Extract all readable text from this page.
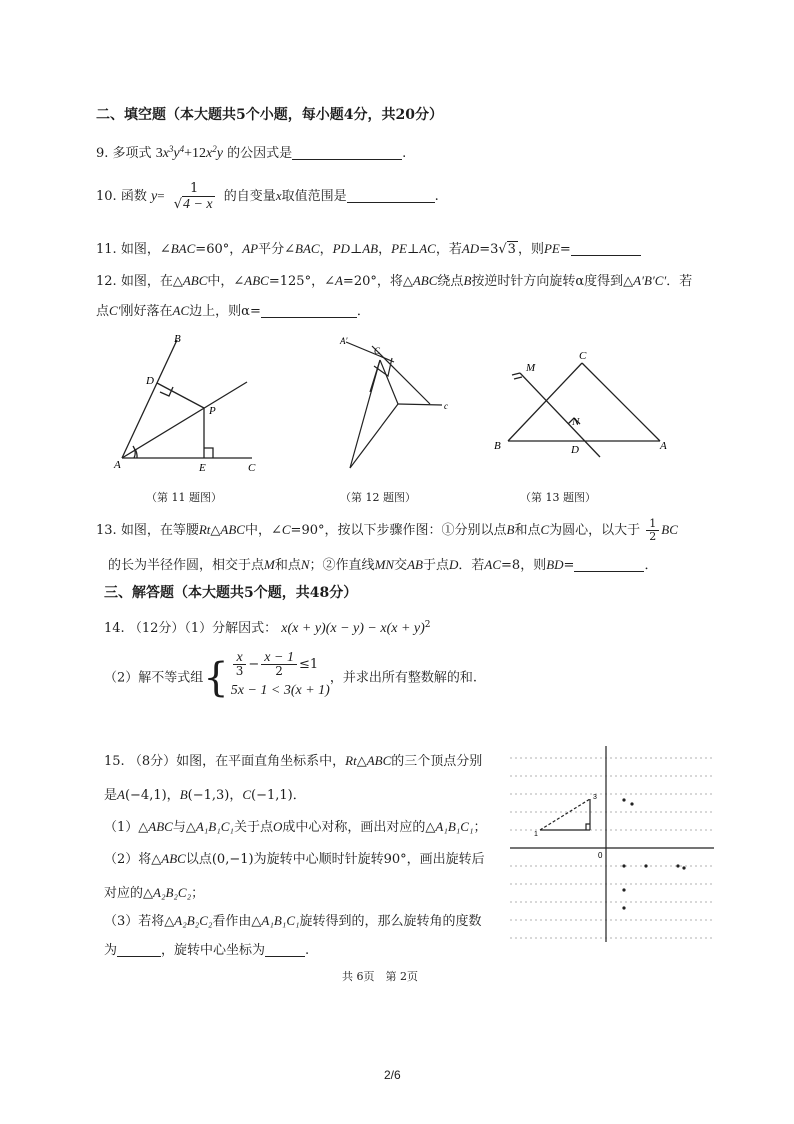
二、填空题（本大题共5个小题，每小题4分，共20分）
9. 多项式 $3x^3y^4+12x^2y$ 的公因式是	.
10. 函数 $y= \frac{1}{√4 - x}$ 的自变量x取值范围是	.
11. 如图，∠BAC=60°，AP平分∠BAC，PD⊥AB，PE⊥AC，若AD=3√3 ，则PE=
12. 如图，在△ABC中，∠ABC=125°，∠A=20°，将△ABC绕点B按逆时针方向旋转α度得到△A′B′C′．若
点C′刚好落在AC边上，则α=	．
B
D
P
A	E	C
（第 11 题图）
A′
C
c
（第 12 题图）
C
M
N
B	D	A
（第 13 题图）
13. 如图，在等腰Rt△ABC中，∠C=90°，按以下步骤作图：①分别以点B和点C为圆心，以大于 $\frac{1}{2}$ BC
的长为半径作圆，相交于点M和点N；②作直线MN交AB于点D．若AC=8，则BD=	．
三、解答题（本大题共5个题，共48分）
14. （12分）（1）分解因式： $x(x + y)(x - y) - x(x + y)^2$
（2）解不等式组{ $\frac{x}{3} - \frac{x - 1}{2} \le 1$
5x − 1 < 3(x + 1)
，并求出所有整数解的和.
15. （8分）如图，在平面直角坐标系中，Rt△ABC的三个顶点分别
是A(−4,1)，B(−1,3)，C(−1,1)．
（1）△ABC与△A₁B₁C₁关于点O成中心对称，画出对应的△A₁B₁C₁；
（2）将△ABC以点(0,−1)为旋转中心顺时针旋转90°，画出旋转后
对应的△A₂B₂C₂；
（3）若将△A₂B₂C₂看作由△A₁B₁C₁旋转得到的，那么旋转角的度数
为	，旋转中心坐标为	.
0
3
1
共 6页　第 2页
2/6
